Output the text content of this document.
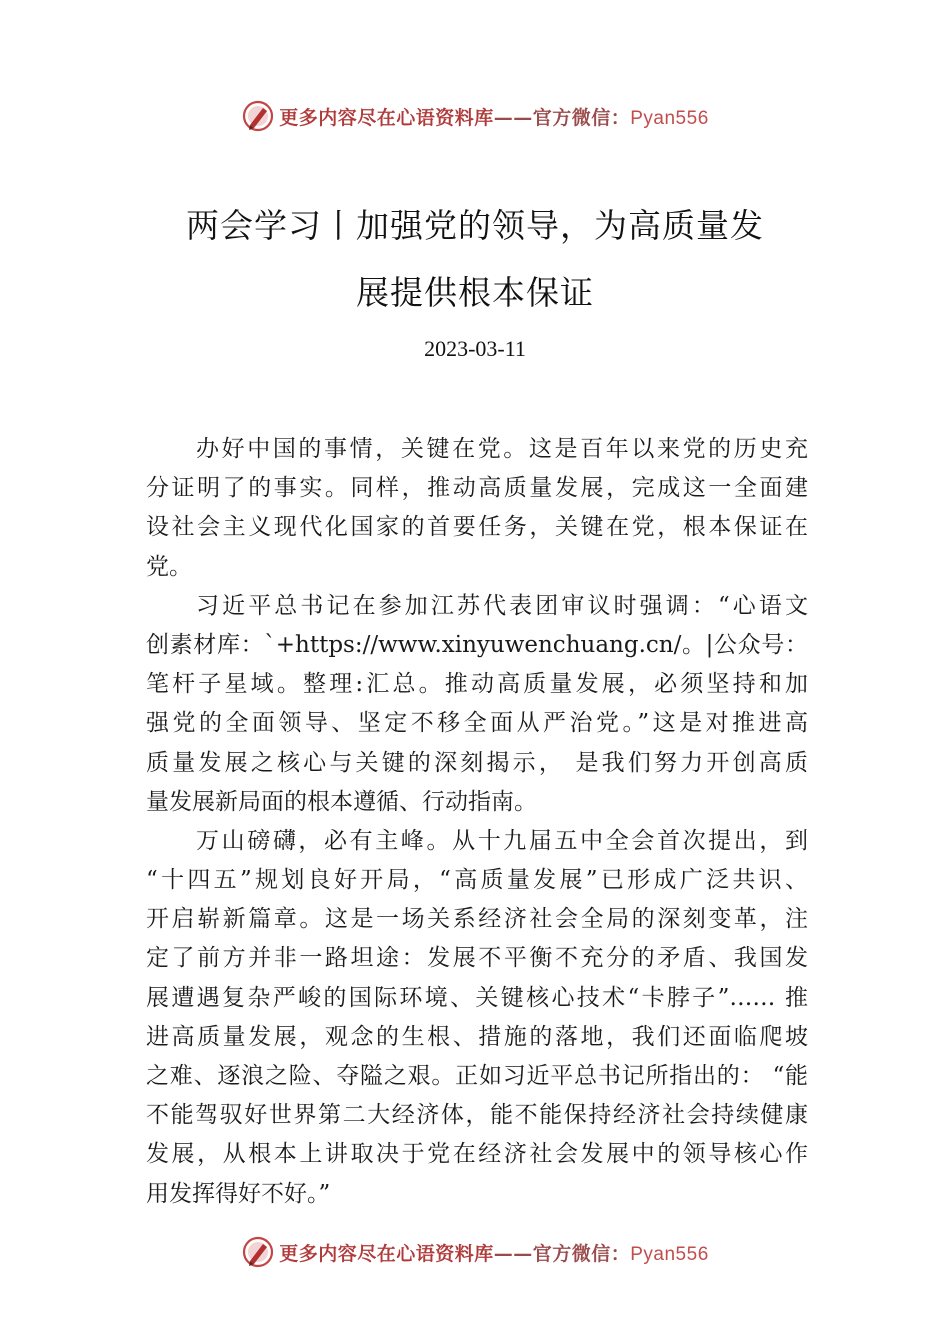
更多内容尽在心语资料库——官方微信：Pyan556
两会学习丨加强党的领导，为高质量发
展提供根本保证
2023-03-11
办好中国的事情，关键在党。这是百年以来党的历史充
分证明了的事实。同样，推动高质量发展，完成这一全面建
设社会主义现代化国家的首要任务，关键在党，根本保证在
党。
习近平总书记在参加江苏代表团审议时强调：“心语文
创素材库：`+https://www.xinyuwenchuang.cn/。|公众号：
笔杆子星域。整理:汇总。推动高质量发展，必须坚持和加
强党的全面领导、坚定不移全面从严治党。”这是对推进高
质量发展之核心与关键的深刻揭示， 是我们努力开创高质
量发展新局面的根本遵循、行动指南。
万山磅礴，必有主峰。从十九届五中全会首次提出，到
“十四五”规划良好开局，“高质量发展”已形成广泛共识、
开启崭新篇章。这是一场关系经济社会全局的深刻变革，注
定了前方并非一路坦途：发展不平衡不充分的矛盾、我国发
展遭遇复杂严峻的国际环境、关键核心技术“卡脖子”…… 推
进高质量发展，观念的生根、措施的落地，我们还面临爬坡
之难、逐浪之险、夺隘之艰。正如习近平总书记所指出的： “能
不能驾驭好世界第二大经济体，能不能保持经济社会持续健康
发展，从根本上讲取决于党在经济社会发展中的领导核心作
用发挥得好不好。”
更多内容尽在心语资料库——官方微信：Pyan556
